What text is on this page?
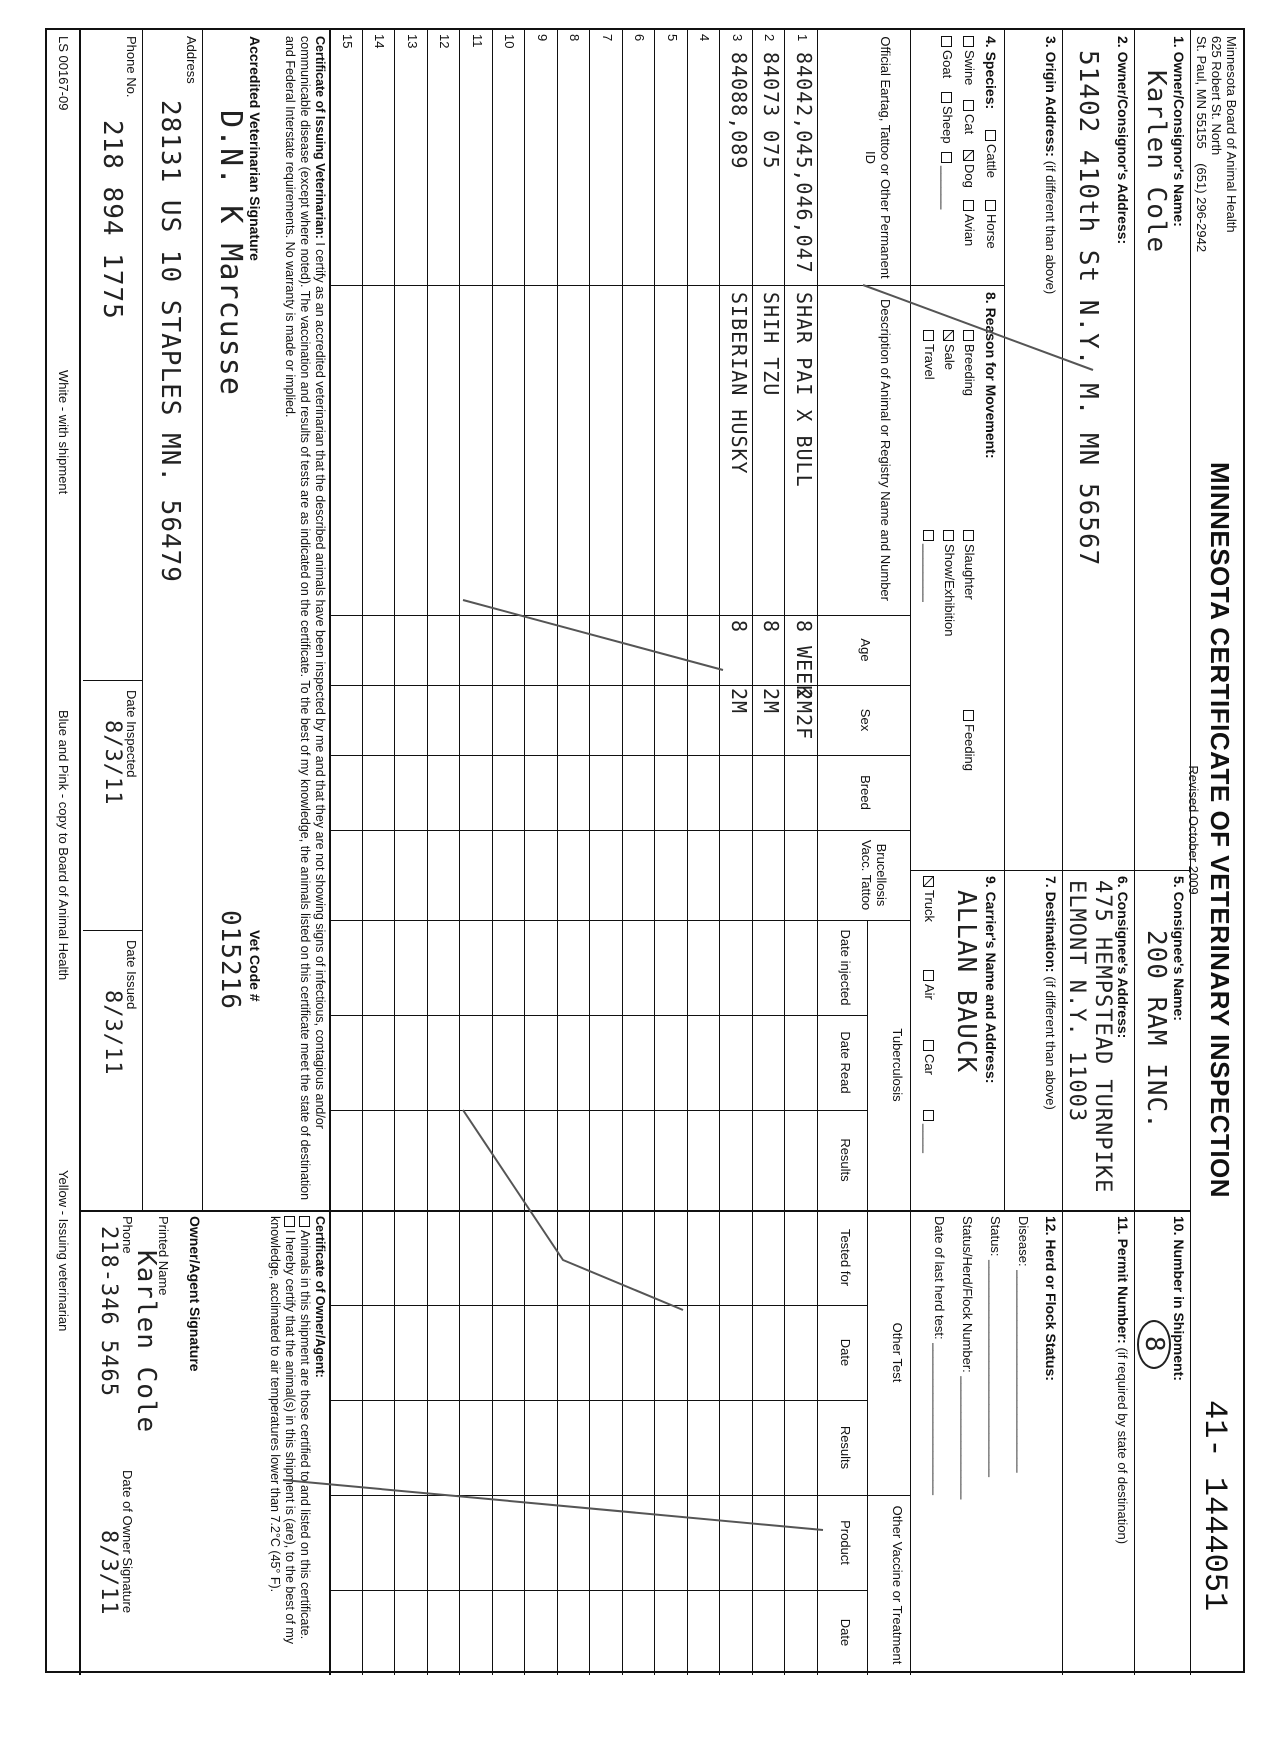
Minnesota Board of Animal Health
625 Robert St. North
St. Paul, MN 55155    (651) 296-2942
MINNESOTA CERTIFICATE OF VETERINARY INSPECTION
Revised October 2009
41- 1444051
1. Owner/Consignor's Name:
Karlen Cole
2. Owner/Consignor's Address:
51402 410th St N.Y. M. MN 56567
3. Origin Address: (if different than above)
4. Species:
Cattle
Horse
Swine
Cat
Dog
Avian
Goat
Sheep
______
8. Reason for Movement:
Breeding
Sale
Travel
Slaughter
Show/Exhibition
________
Feeding
9. Carrier's Name and Address:
ALLAN BAUCK
Truck
Air
Car
____
5. Consignee's Name:
200 RAM INC.
6. Consignee's Address:
475 HEMPSTEAD TURNPIKE ELMONT N.Y. 11003
7. Destination: (if different than above)
10. Number in Shipment:
8
11. Permit Number: (if required by state of destination)
12. Herd or Flock Status:
Disease: ____________________________
Status: ______________________________
Status/Herd/Flock Number: _________________
Date of last herd test: _____________________
Official Eartag, Tattoo or Other Permanent ID
Description of Animal or Registry Name and Number
Age
Sex
Breed
Brucellosis Vacc. Tattoo
Tuberculosis
Date injected
Date Read
Results
Other Test
Tested for
Date
Results
Other Vaccine or Treatment
Product
Date
1
84042,045,046,047
SHAR PAI X BULL
8 WEEK
2M2F
2
84073 075
SHIH TZU
8
2M
3
84088,089
SIBERIAN HUSKY
8
2M
4
5
6
7
8
9
10
11
12
13
14
15
Certificate of Issuing Veterinarian: I certify as an accredited veterinarian that the described animals have been inspected by me and that they are not showing signs of infectious, contagious and/or communicable disease (except where noted). The vaccination and results of tests are as indicated on the certificate. To the best of my knowledge, the animals listed on this certificate meet the state of destination and Federal Interstate requirements. No warranty is made or implied.
Accredited Veterinarian Signature
D.N. K Marcusse
Vet Code #
015216
Address
28131 US 10 STAPLES MN. 56479
Phone No.
218 894 1775
Date Inspected
8/3/11
Date Issued
8/3/11
Certificate of Owner/Agent:
Animals in this shipment are those certified to and listed on this certificate.
I hereby certify that the animal(s) in this shipment is (are), to the best of my knowledge, acclimated to air temperatures lower than 7.2°C (45° F).
Owner/Agent Signature
Printed Name
Karlen Cole
Phone
218-346 5465
Date of Owner Signature
8/3/11
LS 00167-09
White - with shipment
Blue and Pink - copy to Board of Animal Health
Yellow - Issuing veterinarian
